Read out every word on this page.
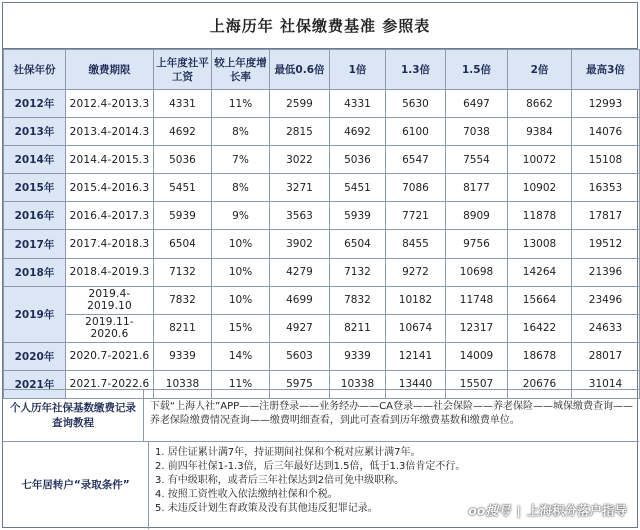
上海历年 社保缴费基准 参照表
社保年份	缴费期限	上年度社平工资	较上年度增长率	最低0.6倍	1倍	1.3倍	1.5倍	2倍	最高3倍
2012年	2012.4-2013.3	4331	11%	2599	4331	5630	6497	8662	12993
2013年	2013.4-2014.3	4692	8%	2815	4692	6100	7038	9384	14076
2014年	2014.4-2015.3	5036	7%	3022	5036	6547	7554	10072	15108
2015年	2015.4-2016.3	5451	8%	3271	5451	7086	8177	10902	16353
2016年	2016.4-2017.3	5939	9%	3563	5939	7721	8909	11878	17817
2017年	2017.4-2018.3	6504	10%	3902	6504	8455	9756	13008	19512
2018年	2018.4-2019.3	7132	10%	4279	7132	9272	10698	14264	21396
2019年	2019.4-2019.10	7832	10%	4699	7832	10182	11748	15664	23496
	2019.11-2020.6	8211	15%	4927	8211	10674	12317	16422	24633
2020年	2020.7-2021.6	9339	14%	5603	9339	12141	14009	18678	28017
2021年	2021.7-2022.6	10338	11%	5975	10338	13440	15507	20676	31014
个人历年社保基数缴费记录查询教程
下载“上海人社”APP——注册登录——业务经办——CA登录——社会保险——养老保险——城保缴费查询——
养老保险缴费情况查询——缴费明细查看，到此可查看到历年缴费基数和缴费单位。
七年居转户“录取条件”
1. 居住证累计满7年，持证期间社保和个税对应累计满7年。
2. 前四年社保1-1.3倍，后三年最好达到1.5倍，低于1.3倍肯定不行。
3. 有中级职称，或者后三年社保达到2倍可免中级职称。
4. 按照工资性收入依法缴纳社保和个税。
5. 未违反计划生育政策及没有其他违反犯罪记录。	oo搜号 | 上海积分落户指导
